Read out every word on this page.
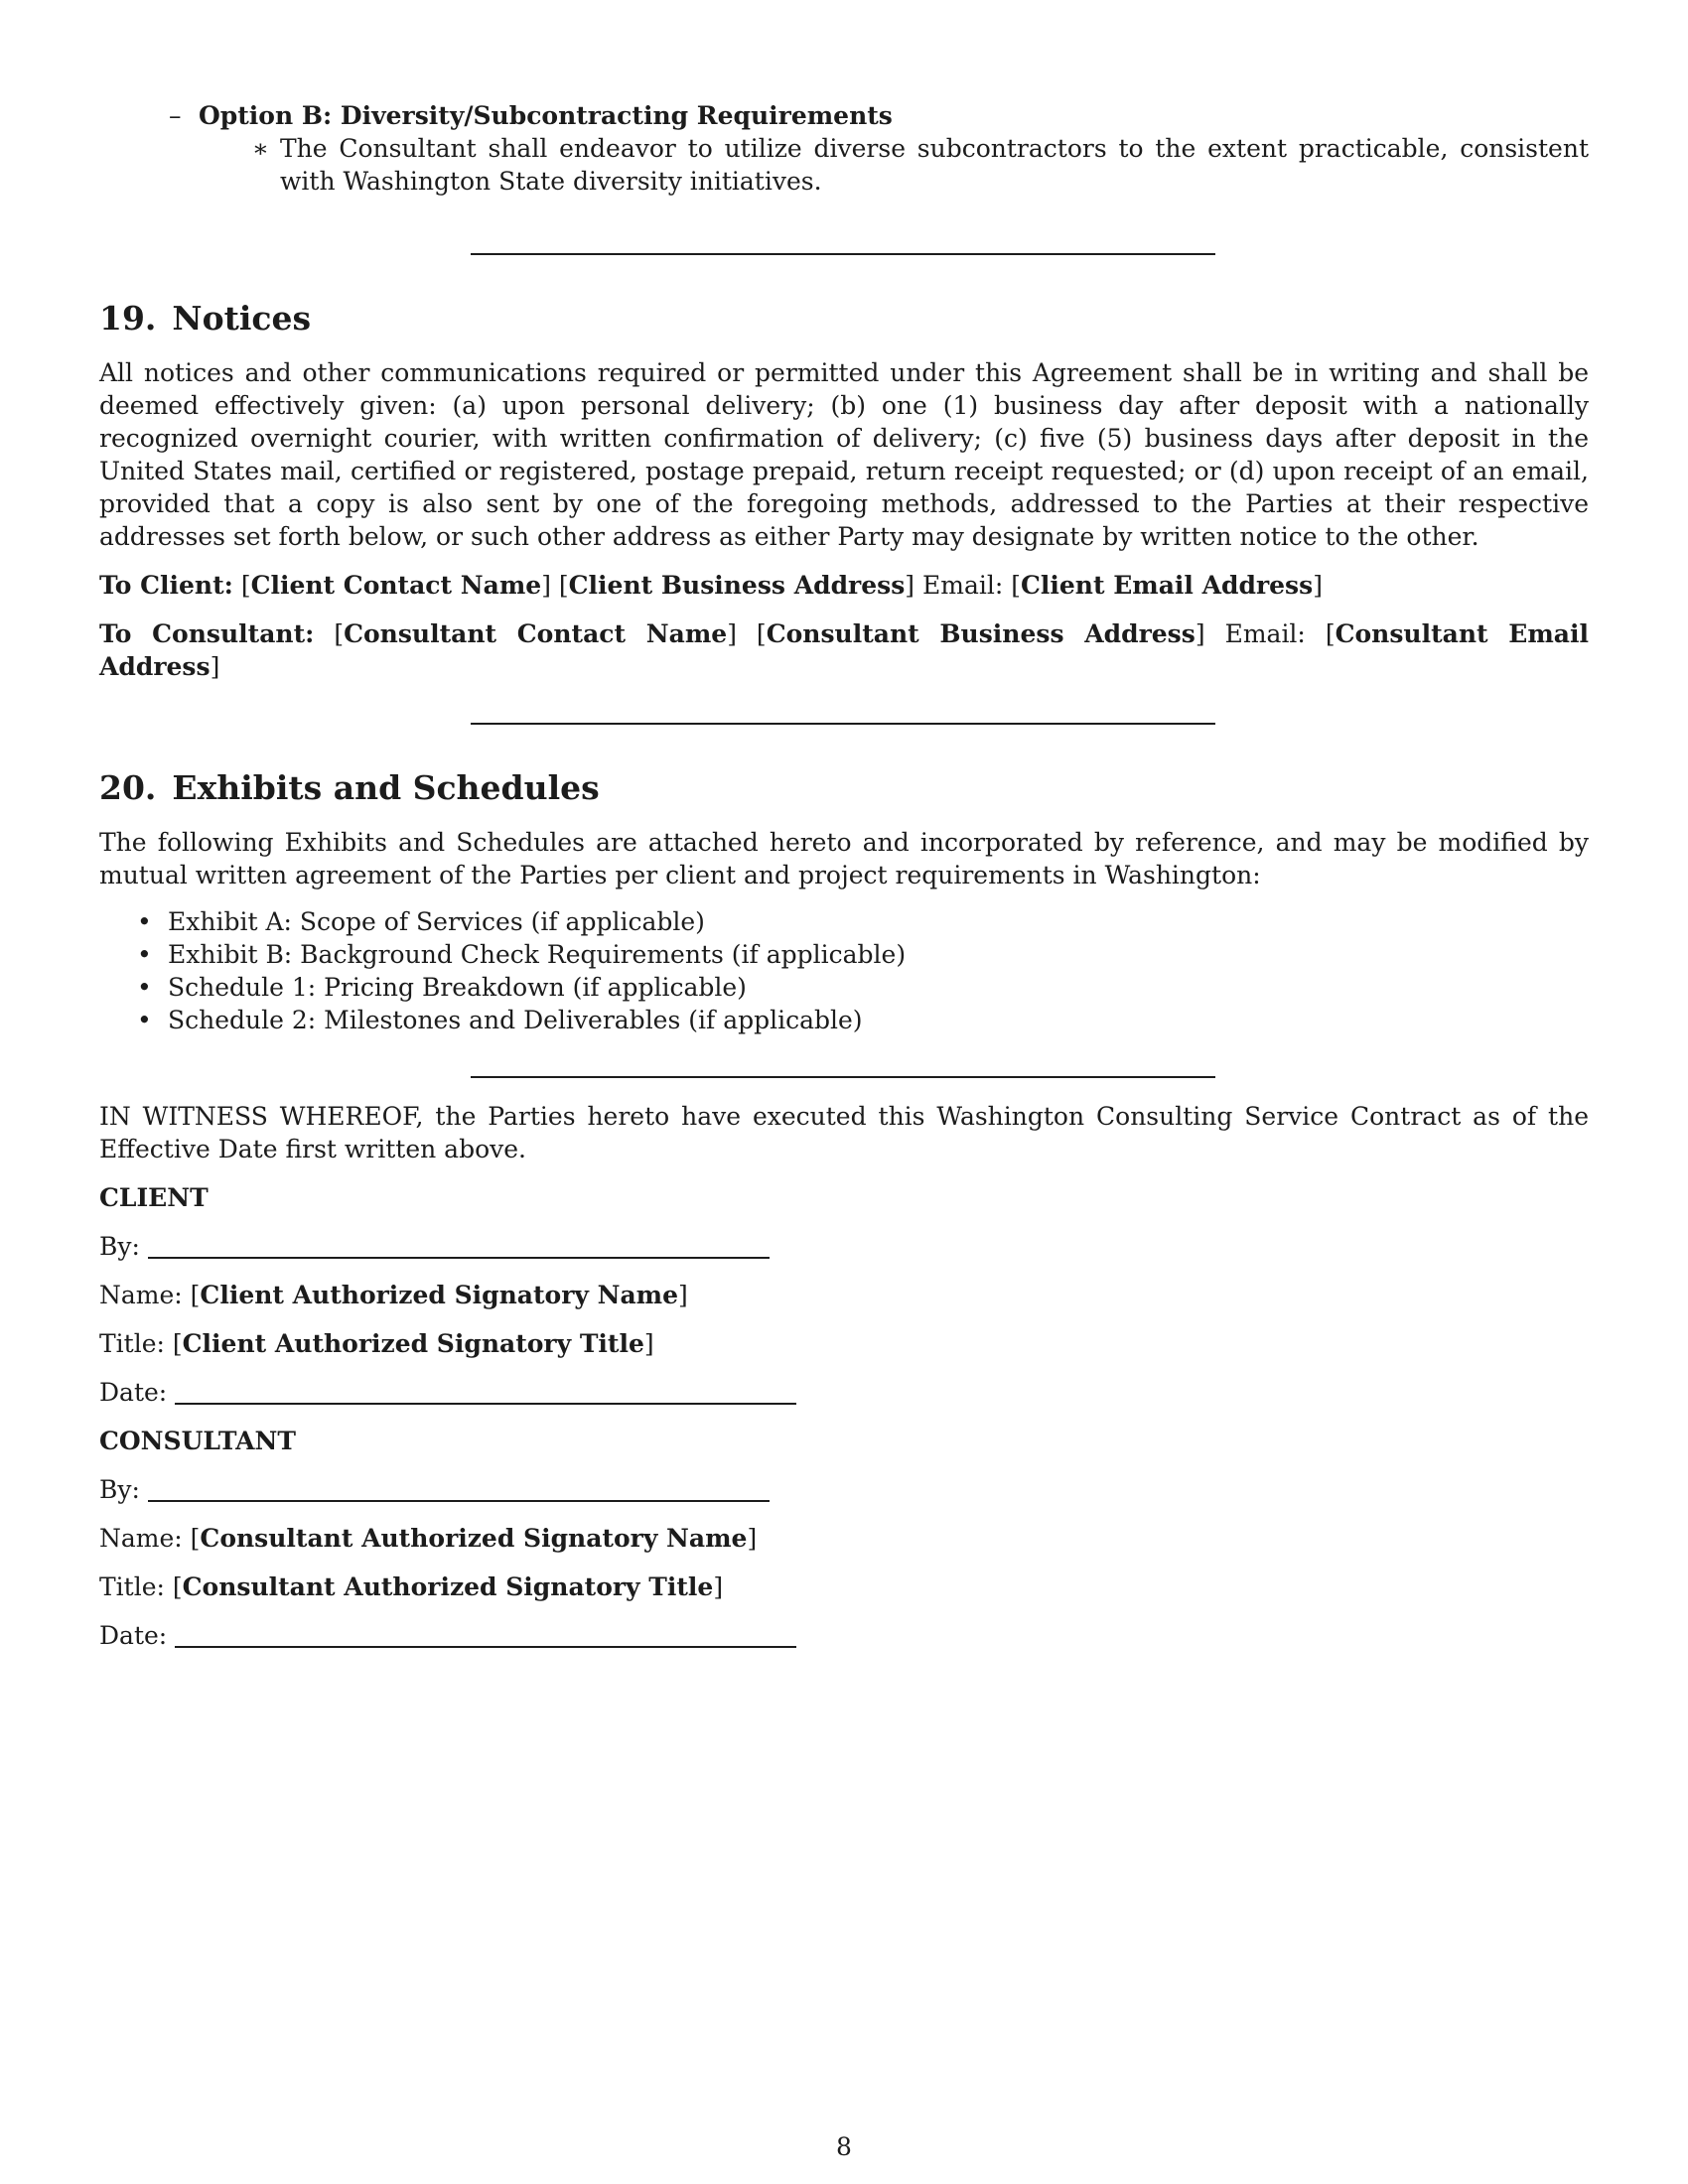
– Option B: Diversity/Subcontracting Requirements
∗ The Consultant shall endeavor to utilize diverse subcontractors to the extent practicable, consistent with Washington State diversity initiatives.
19. Notices

All notices and other communications required or permitted under this Agreement shall be in writing and shall be deemed effectively given: (a) upon personal delivery; (b) one (1) business day after deposit with a nationally recognized overnight courier, with written confirmation of delivery; (c) five (5) business days after deposit in the United States mail, certified or registered, postage prepaid, return receipt requested; or (d) upon receipt of an email, provided that a copy is also sent by one of the foregoing methods, addressed to the Parties at their respective addresses set forth below, or such other address as either Party may designate by written notice to the other.

To Client: [Client Contact Name] [Client Business Address] Email: [Client Email Address]

To Consultant: [Consultant Contact Name] [Consultant Business Address] Email: [Consultant Email Address]

20. Exhibits and Schedules

The following Exhibits and Schedules are attached hereto and incorporated by reference, and may be modified by mutual written agreement of the Parties per client and project requirements in Washington:

• Exhibit A: Scope of Services (if applicable)
• Exhibit B: Background Check Requirements (if applicable)
• Schedule 1: Pricing Breakdown (if applicable)
• Schedule 2: Milestones and Deliverables (if applicable)

IN WITNESS WHEREOF, the Parties hereto have executed this Washington Consulting Service Contract as of the Effective Date first written above.

CLIENT
By:
Name: [Client Authorized Signatory Name]
Title: [Client Authorized Signatory Title]
Date:
CONSULTANT
By:
Name: [Consultant Authorized Signatory Name]
Title: [Consultant Authorized Signatory Title]
Date:
8
